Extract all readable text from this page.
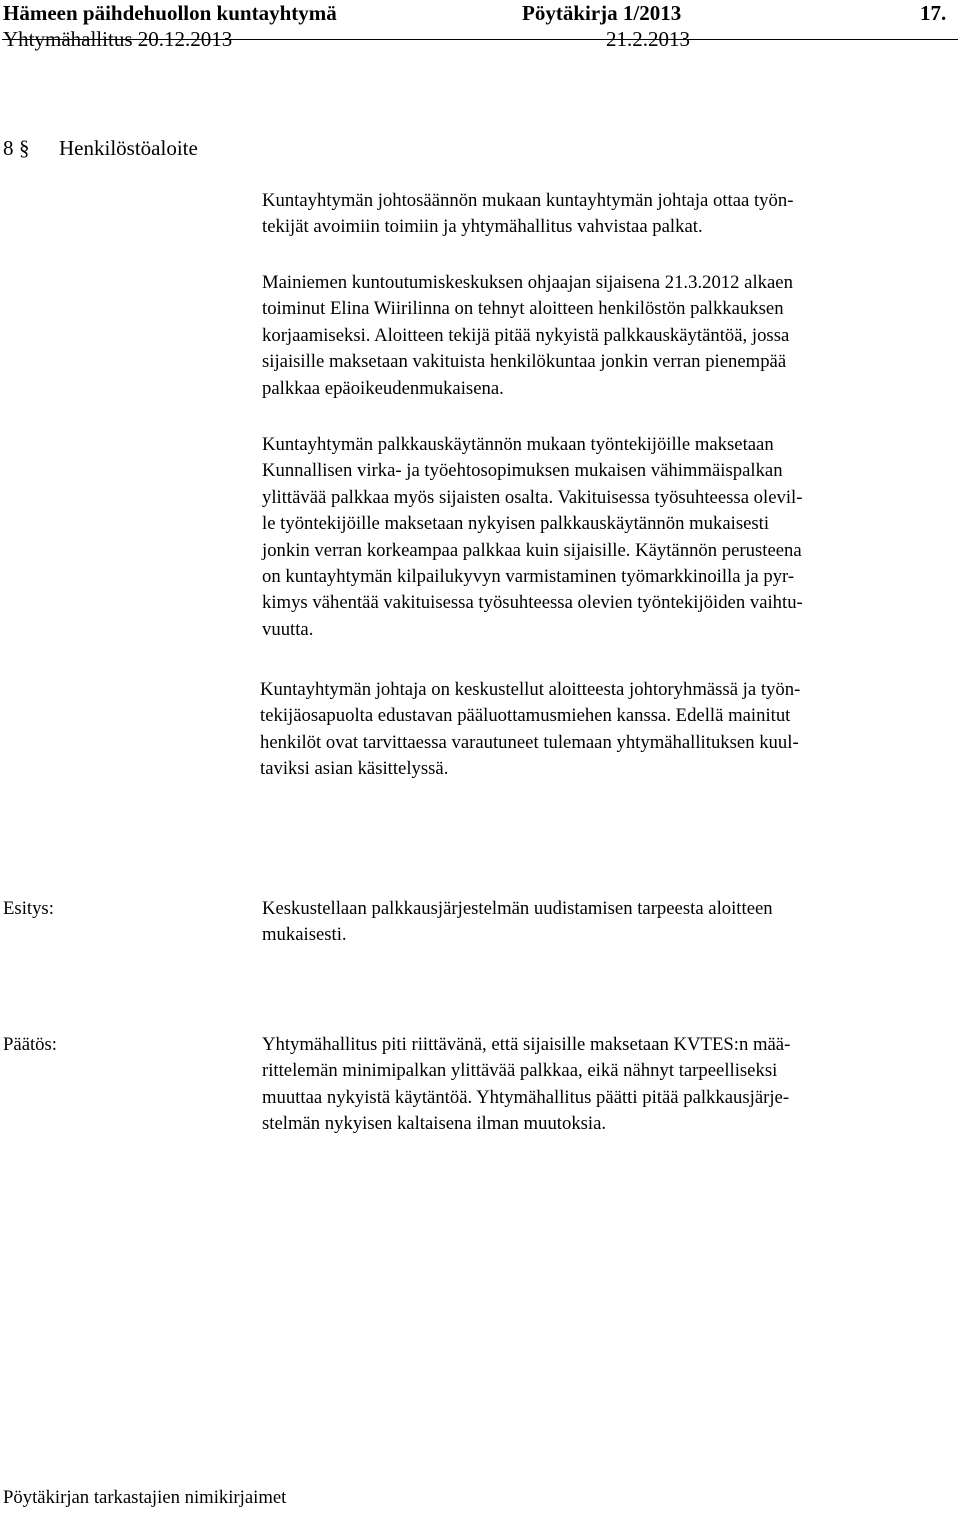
Hämeen päihdehuollon kuntayhtymä	Pöytäkirja 1/2013	17.
Yhtymähallitus 20.12.2013	21.2.2013
8 § Henkilöstöaloite
Kuntayhtymän johtosäännön mukaan kuntayhtymän johtaja ottaa työn-
tekijät avoimiin toimiin ja yhtymähallitus vahvistaa palkat.
Mainiemen kuntoutumiskeskuksen ohjaajan sijaisena 21.3.2012 alkaen
toiminut Elina Wiirilinna on tehnyt aloitteen henkilöstön palkkauksen
korjaamiseksi. Aloitteen tekijä pitää nykyistä palkkauskäytäntöä, jossa
sijaisille maksetaan vakituista henkilökuntaa jonkin verran pienempää
palkkaa epäoikeudenmukaisena.
Kuntayhtymän palkkauskäytännön mukaan työntekijöille maksetaan
Kunnallisen virka- ja työehtosopimuksen mukaisen vähimmäispalkan
ylittävää palkkaa myös sijaisten osalta. Vakituisessa työsuhteessa olevil-
le työntekijöille maksetaan nykyisen palkkauskäytännön mukaisesti
jonkin verran korkeampaa palkkaa kuin sijaisille. Käytännön perusteena
on kuntayhtymän kilpailukyvyn varmistaminen työmarkkinoilla ja pyr-
kimys vähentää vakituisessa työsuhteessa olevien työntekijöiden vaihtu-
vuutta.
Kuntayhtymän johtaja on keskustellut aloitteesta johtoryhmässä ja työn-
tekijäosapuolta edustavan pääluottamusmiehen kanssa. Edellä mainitut
henkilöt ovat tarvittaessa varautuneet tulemaan yhtymähallituksen kuul-
taviksi asian käsittelyssä.
Esitys:	Keskustellaan palkkausjärjestelmän uudistamisen tarpeesta aloitteen
mukaisesti.
Päätös:	Yhtymähallitus piti riittävänä, että sijaisille maksetaan KVTES:n mää-
rittelemän minimipalkan ylittävää palkkaa, eikä nähnyt tarpeelliseksi
muuttaa nykyistä käytäntöä. Yhtymähallitus päätti pitää palkkausjärje-
stelmän nykyisen kaltaisena ilman muutoksia.
Pöytäkirjan tarkastajien nimikirjaimet
